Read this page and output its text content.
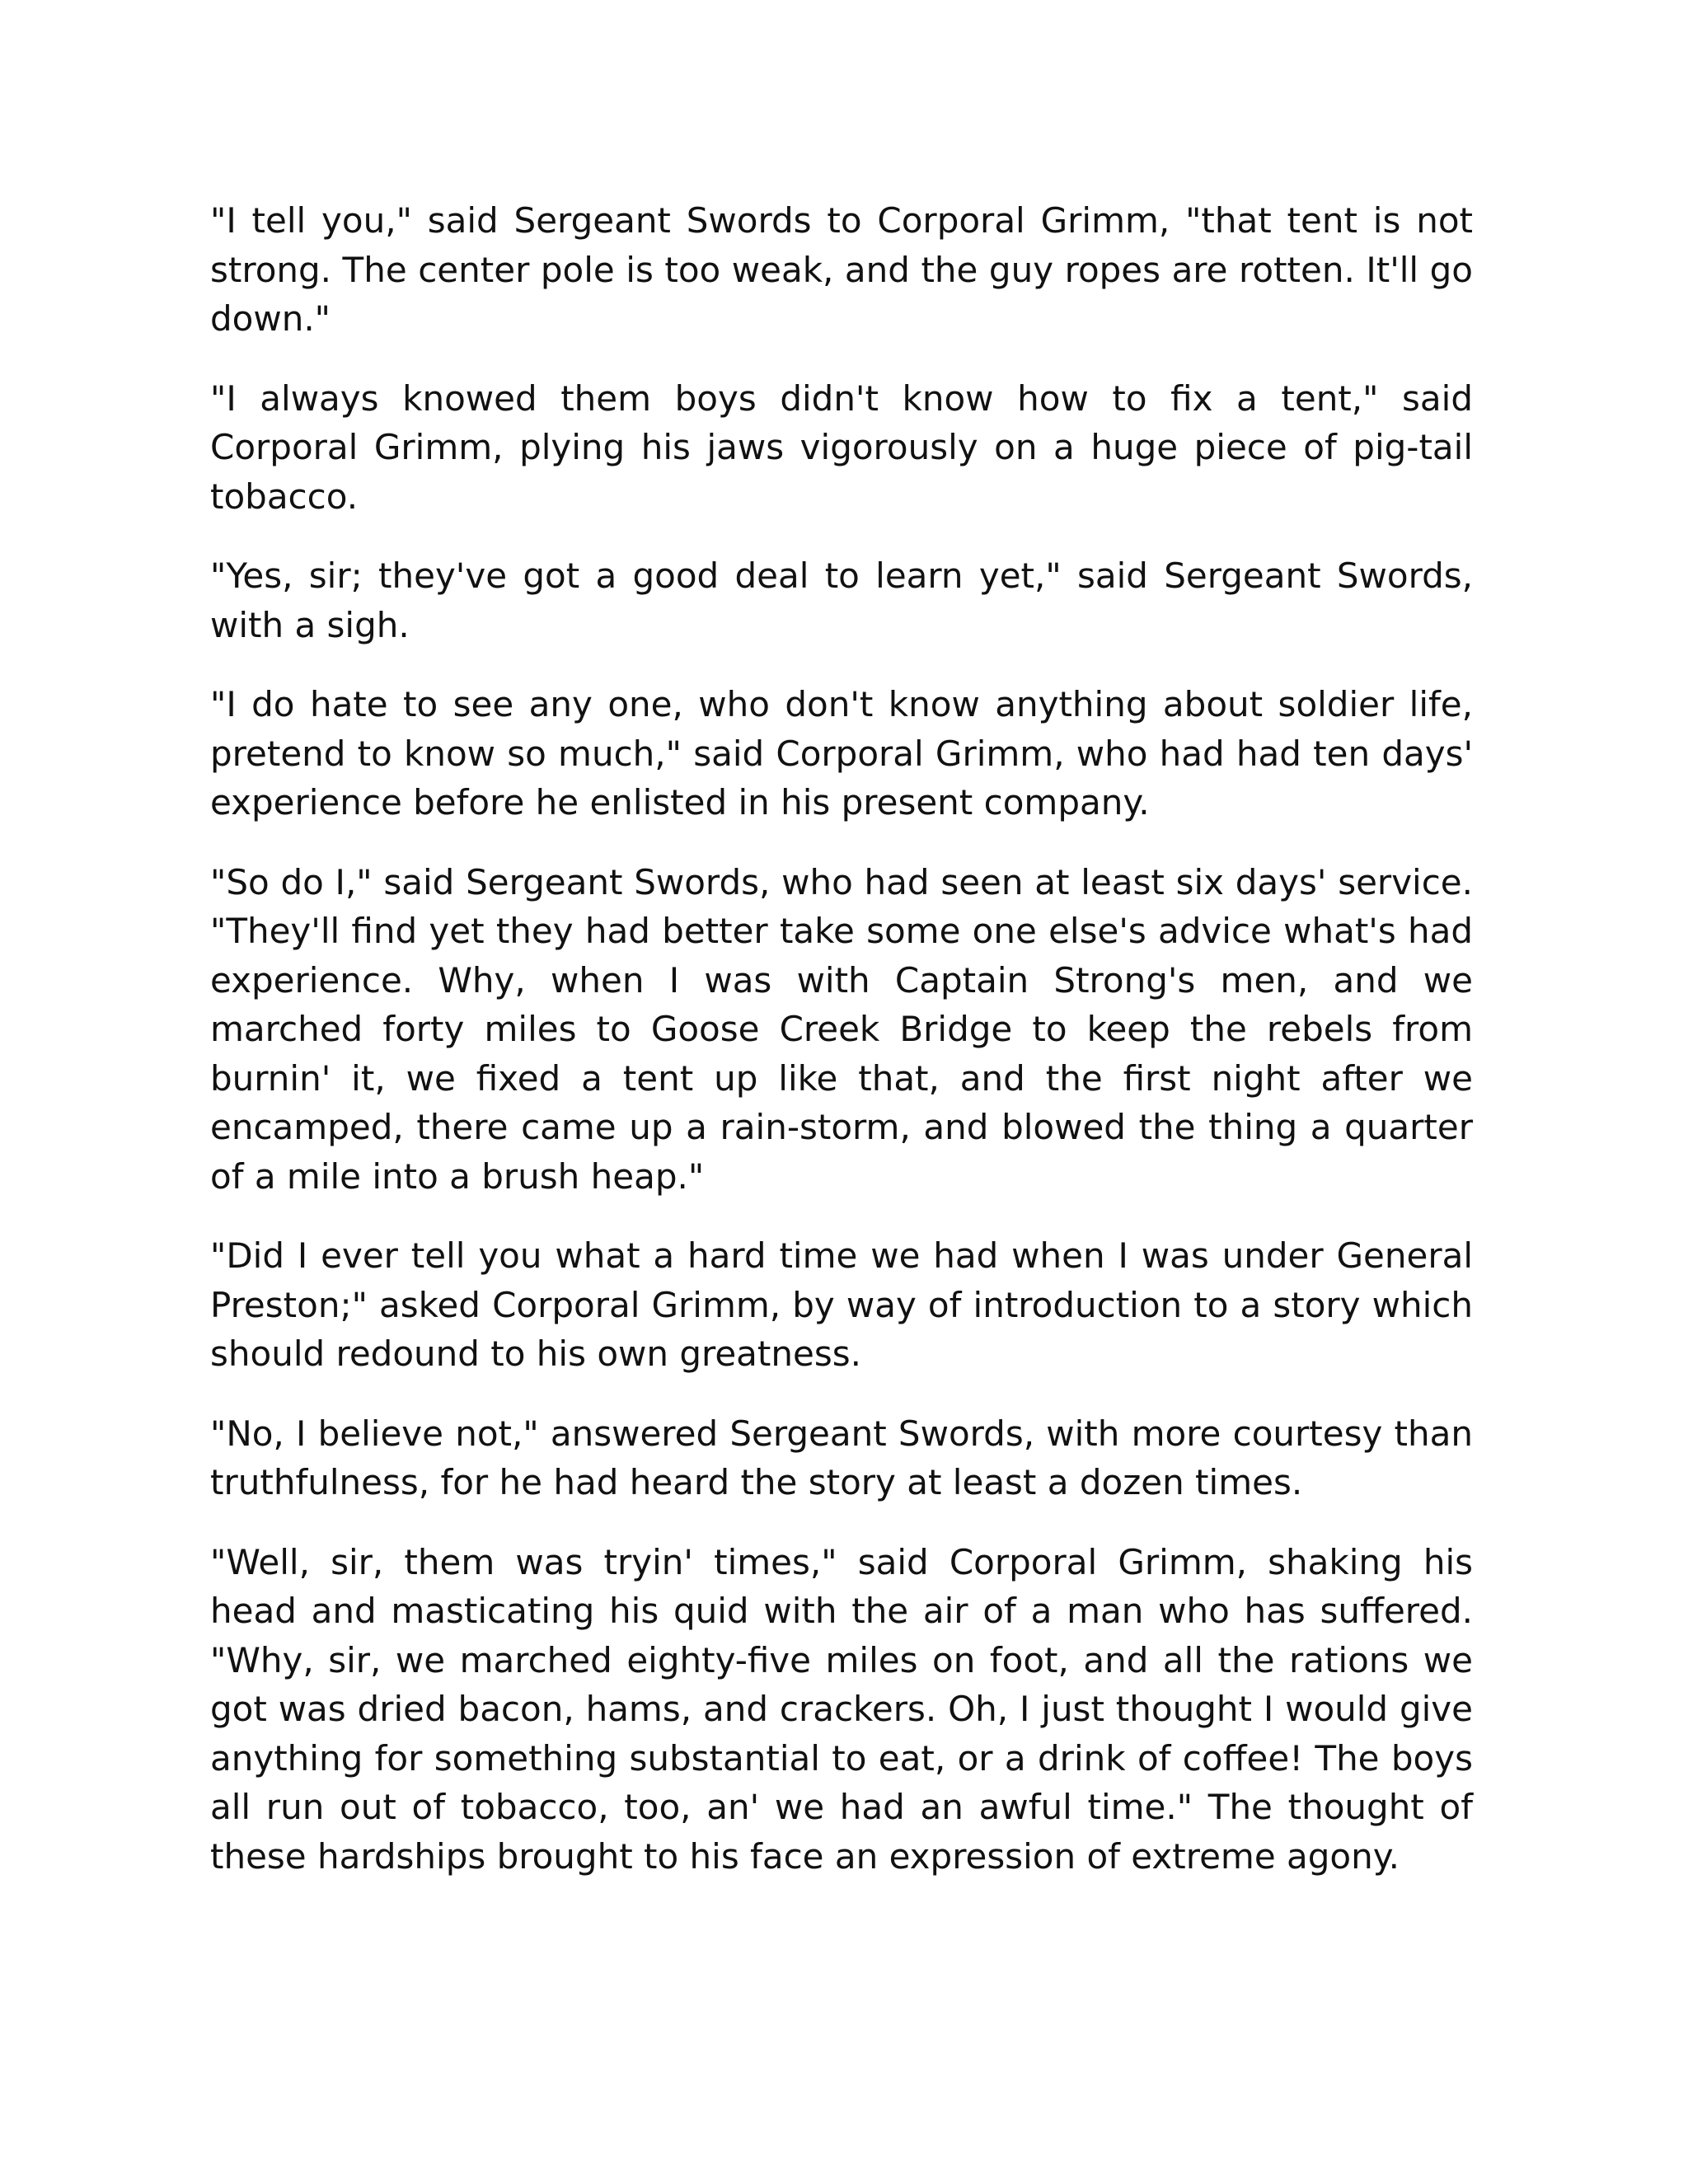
"I tell you," said Sergeant Swords to Corporal Grimm, "that tent is not strong. The center pole is too weak, and the guy ropes are rotten. It'll go down."

"I always knowed them boys didn't know how to fix a tent," said Corporal Grimm, plying his jaws vigorously on a huge piece of pig-tail tobacco.

"Yes, sir; they've got a good deal to learn yet," said Sergeant Swords, with a sigh.

"I do hate to see any one, who don't know anything about soldier life, pretend to know so much," said Corporal Grimm, who had had ten days' experience before he enlisted in his present company.

"So do I," said Sergeant Swords, who had seen at least six days' service. "They'll find yet they had better take some one else's advice what's had experience. Why, when I was with Captain Strong's men, and we marched forty miles to Goose Creek Bridge to keep the rebels from burnin' it, we fixed a tent up like that, and the first night after we encamped, there came up a rain-storm, and blowed the thing a quarter of a mile into a brush heap."

"Did I ever tell you what a hard time we had when I was under General Preston;" asked Corporal Grimm, by way of introduction to a story which should redound to his own greatness.

"No, I believe not," answered Sergeant Swords, with more courtesy than truthfulness, for he had heard the story at least a dozen times.

"Well, sir, them was tryin' times," said Corporal Grimm, shaking his head and masticating his quid with the air of a man who has suffered. "Why, sir, we marched eighty-five miles on foot, and all the rations we got was dried bacon, hams, and crackers. Oh, I just thought I would give anything for something substantial to eat, or a drink of coffee! The boys all run out of tobacco, too, an' we had an awful time." The thought of these hardships brought to his face an expression of extreme agony.
